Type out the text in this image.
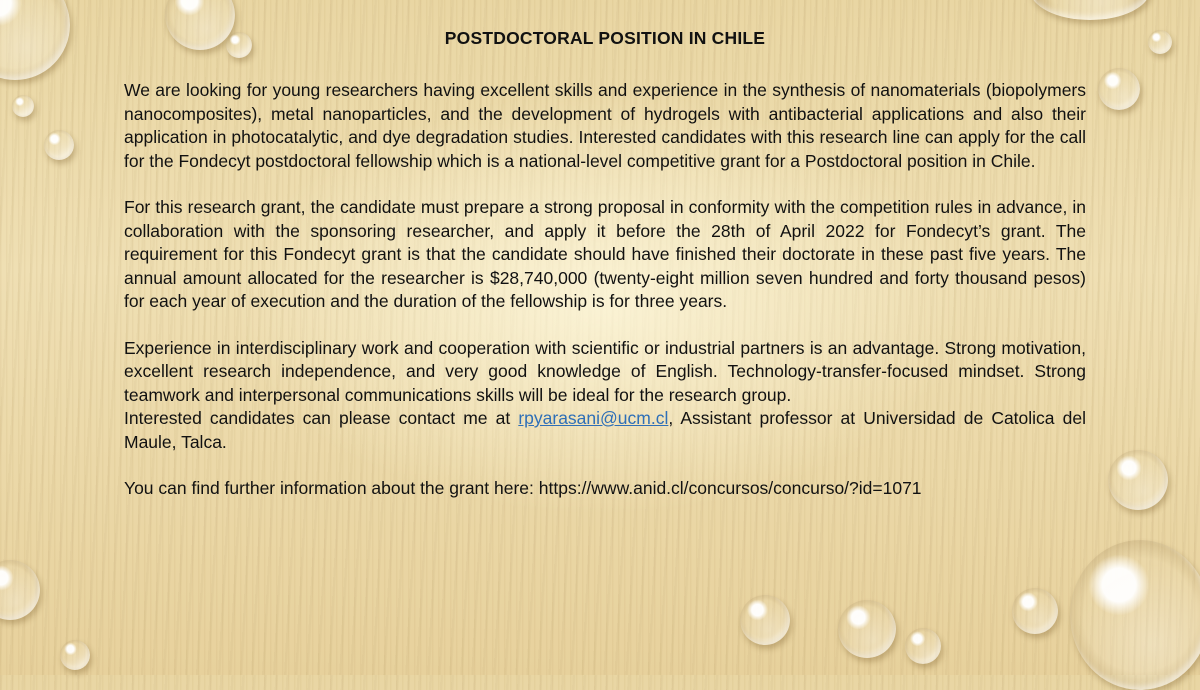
POSTDOCTORAL POSITION IN CHILE

We are looking for young researchers having excellent skills and experience in the synthesis of nanomaterials (biopolymers nanocomposites), metal nanoparticles, and the development of hydrogels with antibacterial applications and also their application in photocatalytic, and dye degradation studies. Interested candidates with this research line can apply for the call for the Fondecyt postdoctoral fellowship which is a national-level competitive grant for a Postdoctoral position in Chile.

For this research grant, the candidate must prepare a strong proposal in conformity with the competition rules in advance, in collaboration with the sponsoring researcher, and apply it before the 28th of April 2022 for Fondecyt’s grant. The requirement for this Fondecyt grant is that the candidate should have finished their doctorate in these past five years. The annual amount allocated for the researcher is $28,740,000 (twenty-eight million seven hundred and forty thousand pesos) for each year of execution and the duration of the fellowship is for three years.

Experience in interdisciplinary work and cooperation with scientific or industrial partners is an advantage. Strong motivation, excellent research independence, and very good knowledge of English. Technology-transfer-focused mindset. Strong teamwork and interpersonal communications skills will be ideal for the research group.

Interested candidates can please contact me at rpyarasani@ucm.cl, Assistant professor at Universidad de Catolica del Maule, Talca.

You can find further information about the grant here: https://www.anid.cl/concursos/concurso/?id=1071
